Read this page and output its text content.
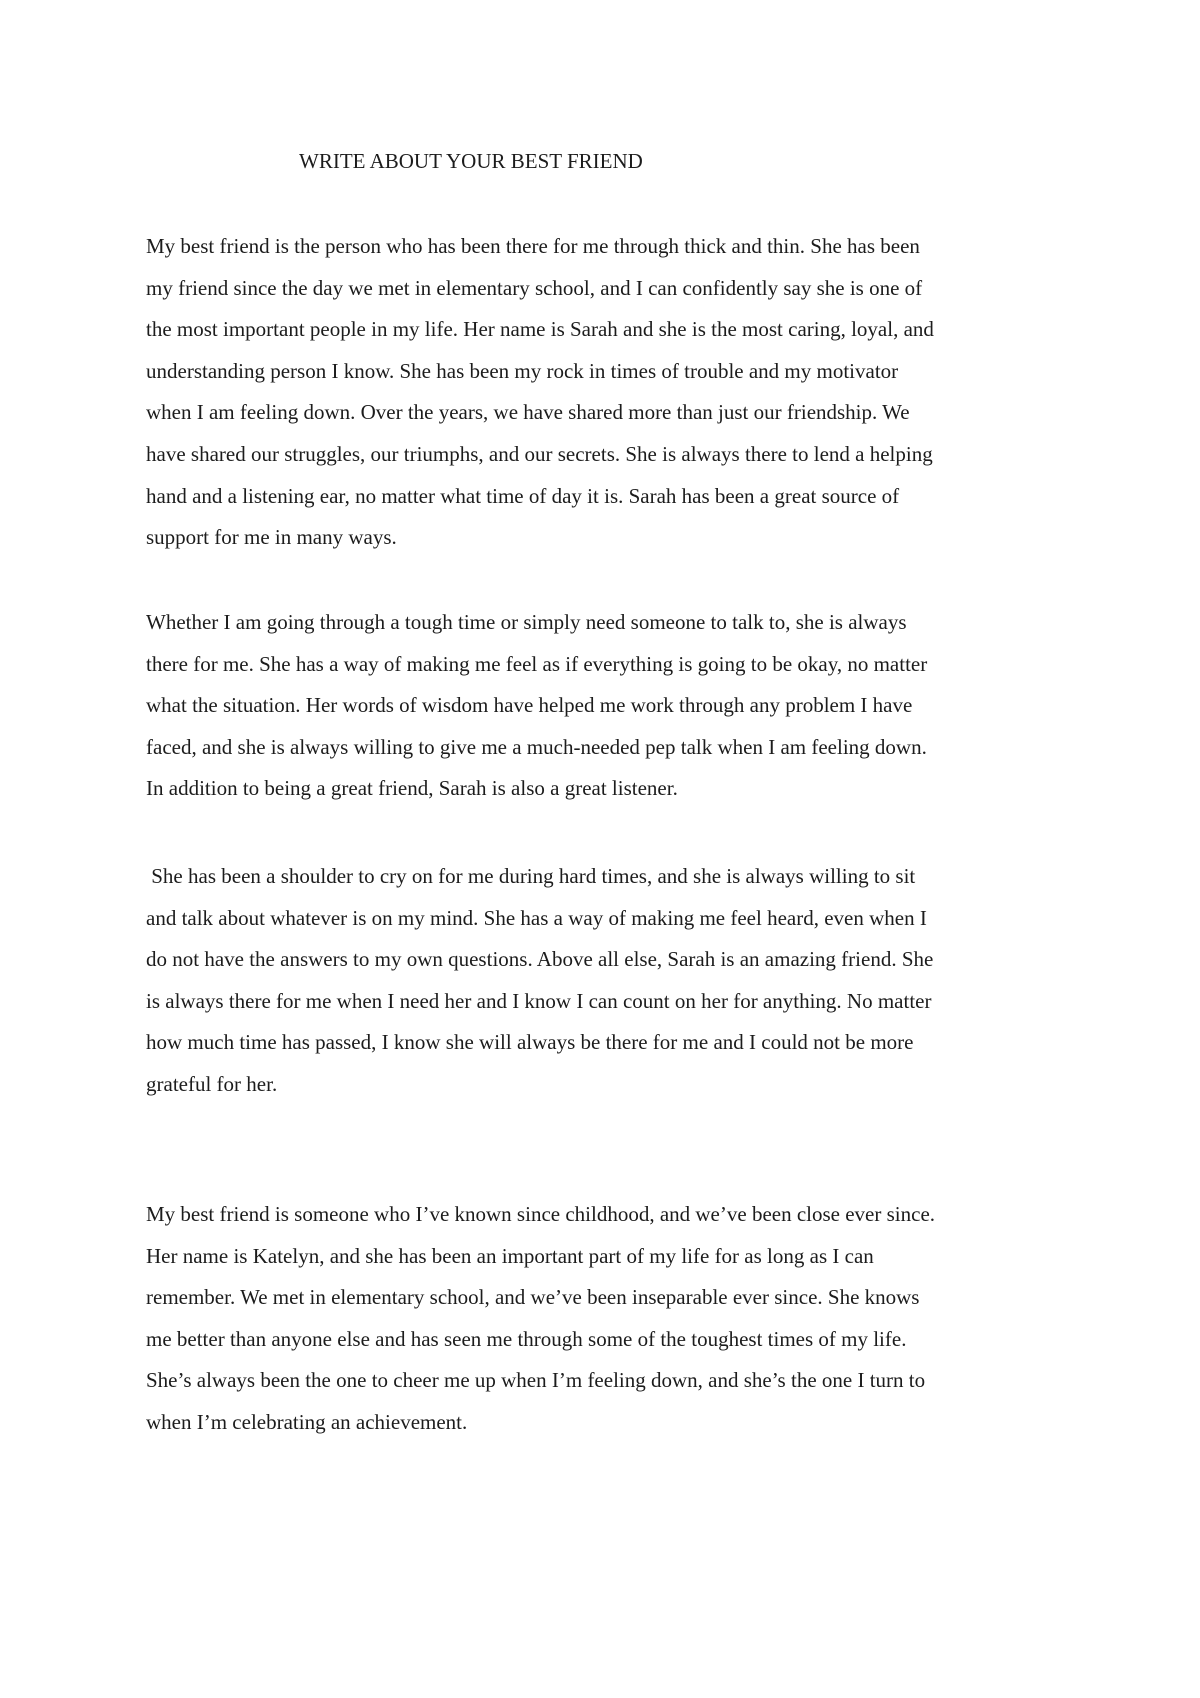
WRITE ABOUT YOUR BEST FRIEND

My best friend is the person who has been there for me through thick and thin. She has been
my friend since the day we met in elementary school, and I can confidently say she is one of
the most important people in my life. Her name is Sarah and she is the most caring, loyal, and
understanding person I know. She has been my rock in times of trouble and my motivator
when I am feeling down. Over the years, we have shared more than just our friendship. We
have shared our struggles, our triumphs, and our secrets. She is always there to lend a helping
hand and a listening ear, no matter what time of day it is. Sarah has been a great source of
support for me in many ways.

Whether I am going through a tough time or simply need someone to talk to, she is always
there for me. She has a way of making me feel as if everything is going to be okay, no matter
what the situation. Her words of wisdom have helped me work through any problem I have
faced, and she is always willing to give me a much-needed pep talk when I am feeling down.
In addition to being a great friend, Sarah is also a great listener.

She has been a shoulder to cry on for me during hard times, and she is always willing to sit
and talk about whatever is on my mind. She has a way of making me feel heard, even when I
do not have the answers to my own questions. Above all else, Sarah is an amazing friend. She
is always there for me when I need her and I know I can count on her for anything. No matter
how much time has passed, I know she will always be there for me and I could not be more
grateful for her.

My best friend is someone who I’ve known since childhood, and we’ve been close ever since.
Her name is Katelyn, and she has been an important part of my life for as long as I can
remember. We met in elementary school, and we’ve been inseparable ever since. She knows
me better than anyone else and has seen me through some of the toughest times of my life.
She’s always been the one to cheer me up when I’m feeling down, and she’s the one I turn to
when I’m celebrating an achievement.
